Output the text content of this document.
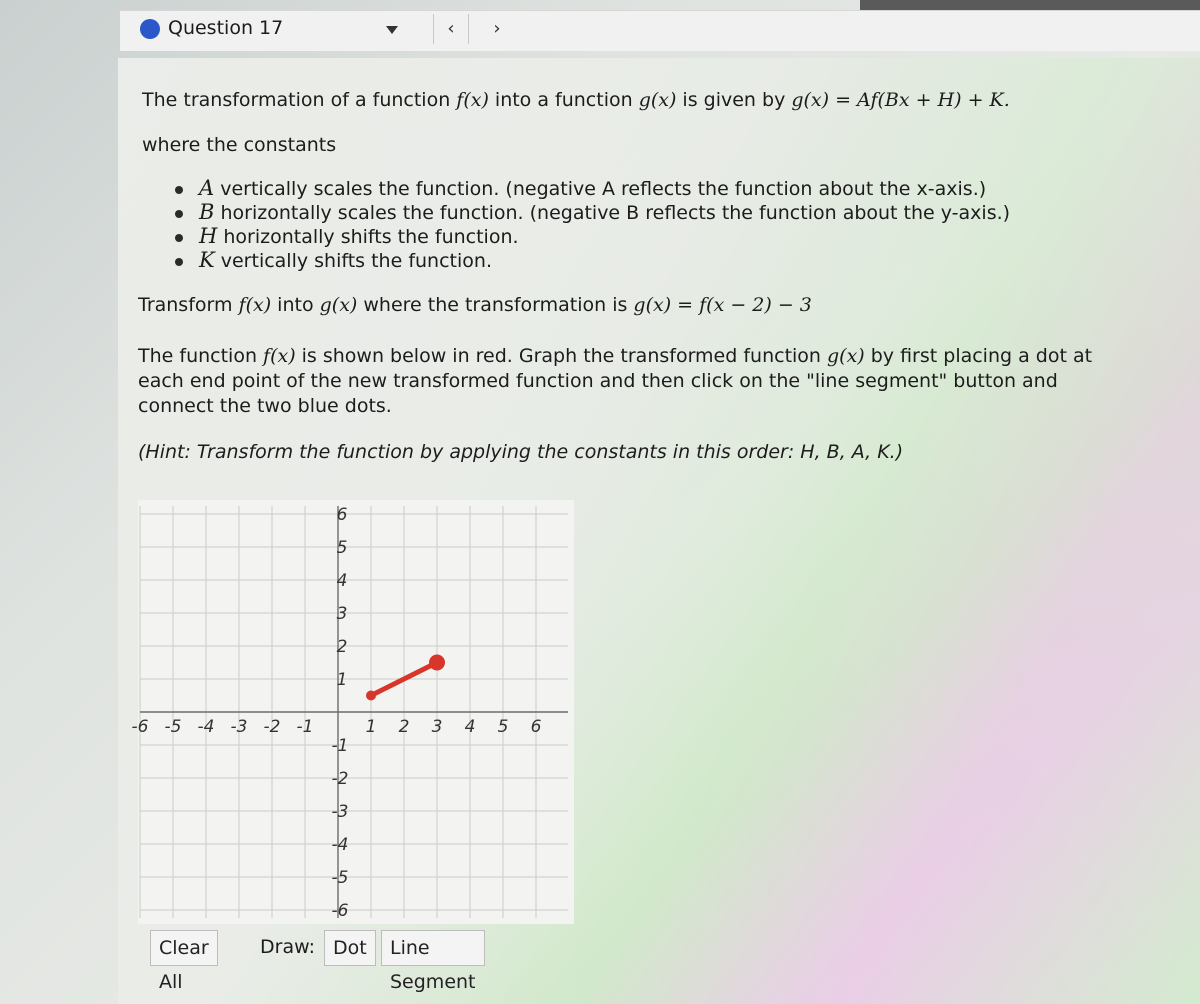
Question 17	‹	›
The transformation of a function f(x) into a function g(x) is given by g(x) = Af(Bx + H) + K.
where the constants
A vertically scales the function. (negative A reflects the function about the x-axis.)
B horizontally scales the function. (negative B reflects the function about the y-axis.)
H horizontally shifts the function.
K vertically shifts the function.
Transform f(x) into g(x) where the transformation is g(x) = f(x − 2) − 3
The function f(x) is shown below in red. Graph the transformed function g(x) by first placing a dot at each end point of the new transformed function and then click on the "line segment" button and connect the two blue dots.
(Hint: Transform the function by applying the constants in this order: H, B, A, K.)
-6 -5 -4 -3 -2 -1	1 2 3 4 5 6
6
5
4
3
2
1
-1
-2
-3
-4
-5
-6
Clear All
Draw: Dot	Line Segment
